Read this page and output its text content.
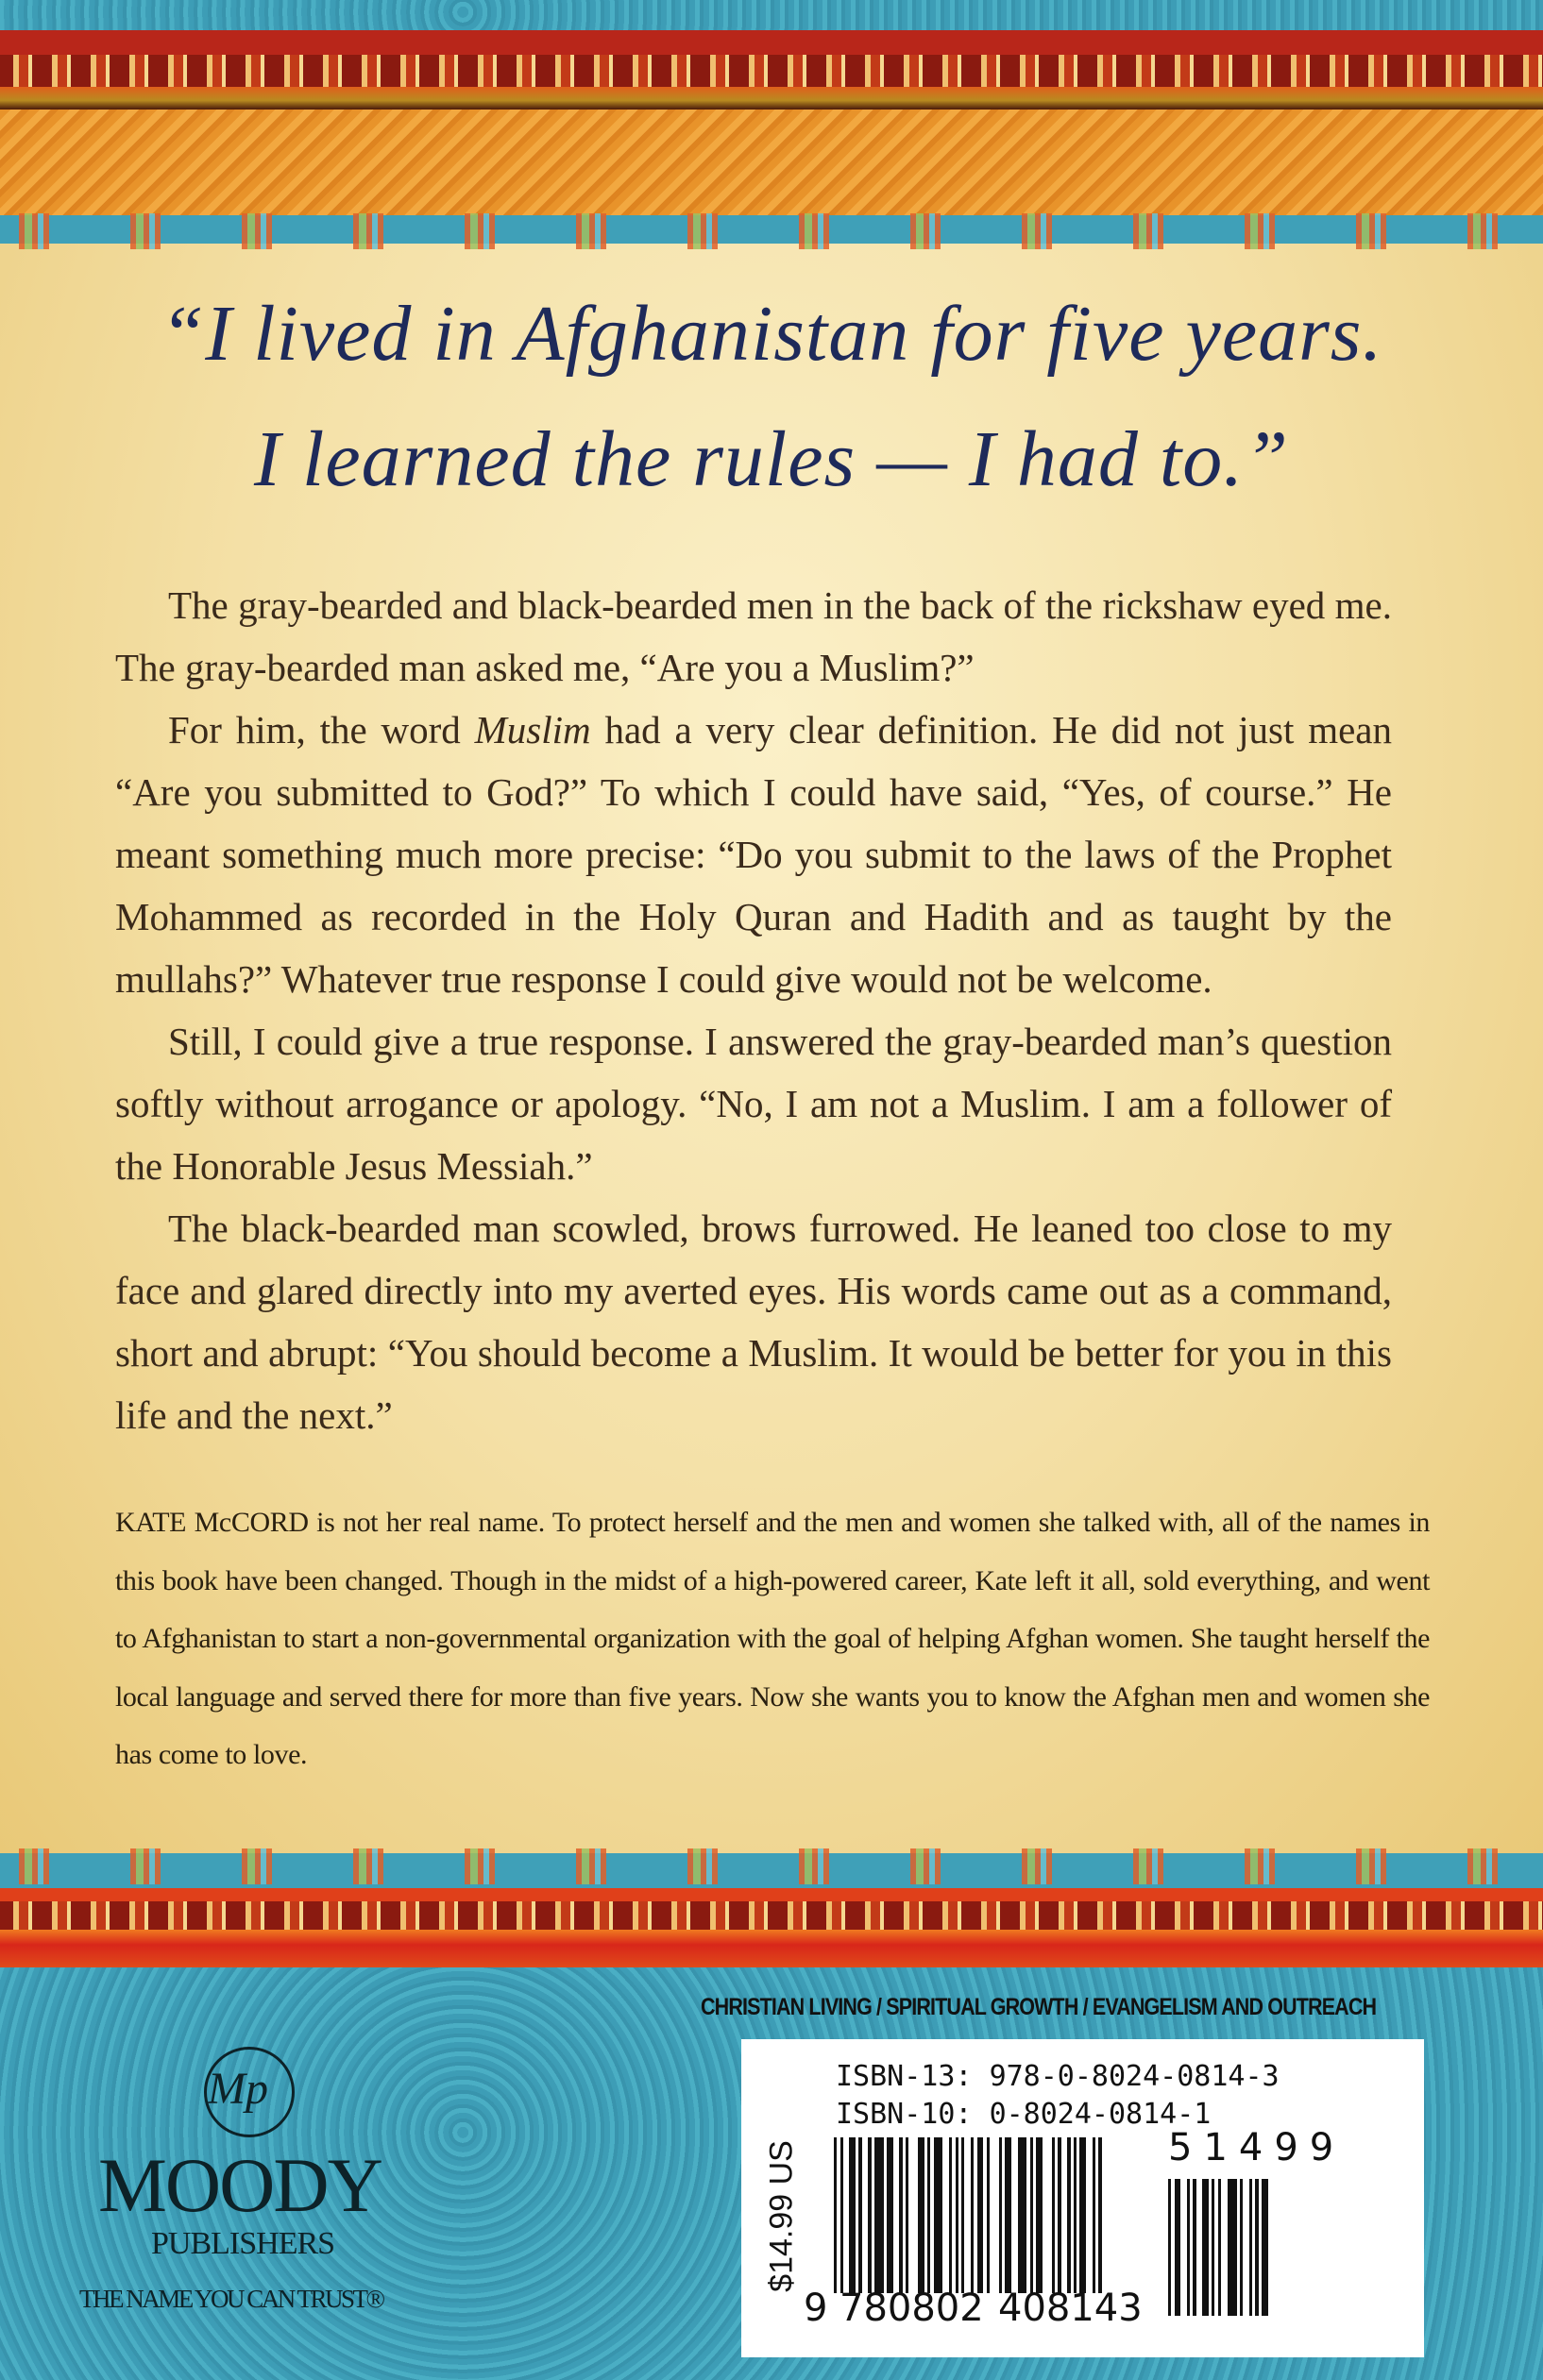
“I lived in Afghanistan for five years.
I learned the rules — I had to.”

The gray-bearded and black-bearded men in the back of the rickshaw eyed me. The gray-bearded man asked me, “Are you a Muslim?”

For him, the word Muslim had a very clear definition. He did not just mean “Are you submitted to God?” To which I could have said, “Yes, of course.” He meant something much more precise: “Do you submit to the laws of the Prophet Mohammed as recorded in the Holy Quran and Hadith and as taught by the mullahs?” Whatever true response I could give would not be welcome.

Still, I could give a true response. I answered the gray-bearded man’s question softly without arrogance or apology. “No, I am not a Muslim. I am a follower of the Honorable Jesus Messiah.”

The black-bearded man scowled, brows furrowed. He leaned too close to my face and glared directly into my averted eyes. His words came out as a command, short and abrupt: “You should become a Muslim. It would be better for you in this life and the next.”

KATE McCORD is not her real name. To protect herself and the men and women she talked with, all of the names in this book have been changed. Though in the midst of a high-powered career, Kate left it all, sold everything, and went to Afghanistan to start a non-governmental organization with the goal of helping Afghan women. She taught herself the local language and served there for more than five years. Now she wants you to know the Afghan men and women she has come to love.
CHRISTIAN LIVING / SPIRITUAL GROWTH / EVANGELISM AND OUTREACH
ISBN-13: 978-0-8024-0814-3
ISBN-10: 0-8024-0814-1
$14.99 US
9 780802 408143
51499
Mp
MOODY
PUBLISHERS
THE NAME YOU CAN TRUST®
